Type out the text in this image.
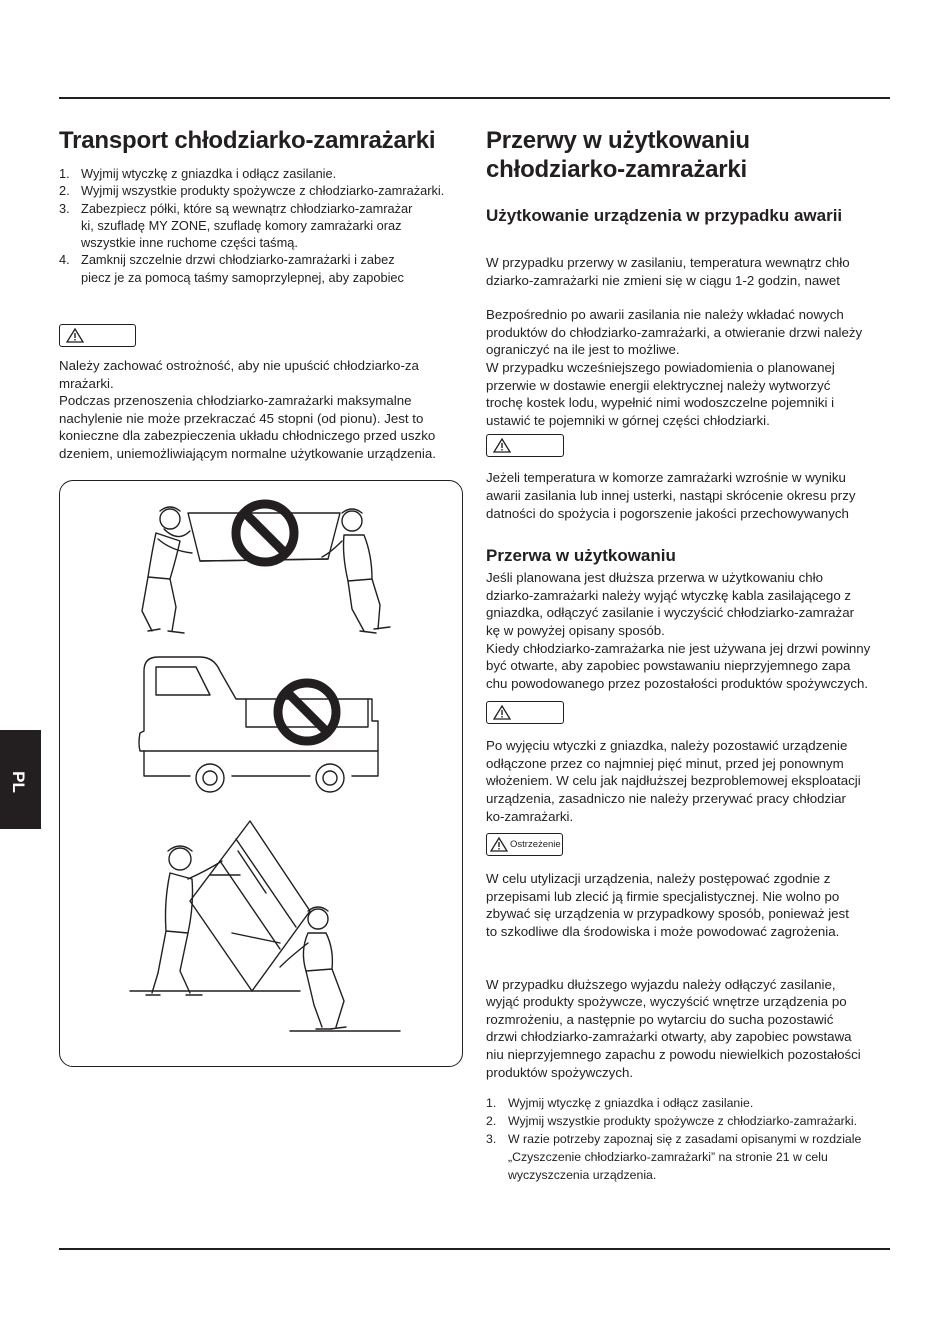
PL
Transport chłodziarko-zamrażarki
1. Wyjmij wtyczkę z gniazdka i odłącz zasilanie.
2. Wyjmij wszystkie produkty spożywcze z chłodziarko-zamrażarki.
3. Zabezpiecz półki, które są wewnątrz chłodziarko-zamrażar
ki, szufladę MY ZONE, szufladę komory zamrażarki oraz
wszystkie inne ruchome części taśmą.
4. Zamknij szczelnie drzwi chłodziarko-zamrażarki i zabez
piecz je za pomocą taśmy samoprzylepnej, aby zapobiec

Należy zachować ostrożność, aby nie upuścić chłodziarko-za

mrażarki.

Podczas przenoszenia chłodziarko-zamrażarki maksymalne

nachylenie nie może przekraczać 45 stopni (od pionu). Jest to

konieczne dla zabezpieczenia układu chłodniczego przed uszko

dzeniem, uniemożliwiającym normalne użytkowanie urządzenia.

Przerwy w użytkowaniu
chłodziarko-zamrażarki
Użytkowanie urządzenia w przypadku awarii

W przypadku przerwy w zasilaniu, temperatura wewnątrz chło

dziarko-zamrażarki nie zmieni się w ciągu 1-2 godzin, nawet

Bezpośrednio po awarii zasilania nie należy wkładać nowych

produktów do chłodziarko-zamrażarki, a otwieranie drzwi należy

ograniczyć na ile jest to możliwe.

W przypadku wcześniejszego powiadomienia o planowanej

przerwie w dostawie energii elektrycznej należy wytworzyć

trochę kostek lodu, wypełnić nimi wodoszczelne pojemniki i

ustawić te pojemniki w górnej części chłodziarki.

Jeżeli temperatura w komorze zamrażarki wzrośnie w wyniku

awarii zasilania lub innej usterki, nastąpi skrócenie okresu przy

datności do spożycia i pogorszenie jakości przechowywanych

Przerwa w użytkowaniu

Jeśli planowana jest dłuższa przerwa w użytkowaniu chło

dziarko-zamrażarki należy wyjąć wtyczkę kabla zasilającego z

gniazdka, odłączyć zasilanie i wyczyścić chłodziarko-zamrażar

kę w powyżej opisany sposób.

Kiedy chłodziarko-zamrażarka nie jest używana jej drzwi powinny

być otwarte, aby zapobiec powstawaniu nieprzyjemnego zapa

chu powodowanego przez pozostałości produktów spożywczych.

Po wyjęciu wtyczki z gniazdka, należy pozostawić urządzenie

odłączone przez co najmniej pięć minut, przed jej ponownym

włożeniem. W celu jak najdłuższej bezproblemowej eksploatacji

urządzenia, zasadniczo nie należy przerywać pracy chłodziar

ko-zamrażarki.

Ostrzeżenie

W celu utylizacji urządzenia, należy postępować zgodnie z

przepisami lub zlecić ją firmie specjalistycznej. Nie wolno po

zbywać się urządzenia w przypadkowy sposób, ponieważ jest

to szkodliwe dla środowiska i może powodować zagrożenia.

W przypadku dłuższego wyjazdu należy odłączyć zasilanie,

wyjąć produkty spożywcze, wyczyścić wnętrze urządzenia po

rozmrożeniu, a następnie po wytarciu do sucha pozostawić

drzwi chłodziarko-zamrażarki otwarty, aby zapobiec powstawa

niu nieprzyjemnego zapachu z powodu niewielkich pozostałości

produktów spożywczych.

1. Wyjmij wtyczkę z gniazdka i odłącz zasilanie.
2. Wyjmij wszystkie produkty spożywcze z chłodziarko-zamrażarki.
3. W razie potrzeby zapoznaj się z zasadami opisanymi w rozdziale
„Czyszczenie chłodziarko-zamrażarki” na stronie 21 w celu
wyczyszczenia urządzenia.
